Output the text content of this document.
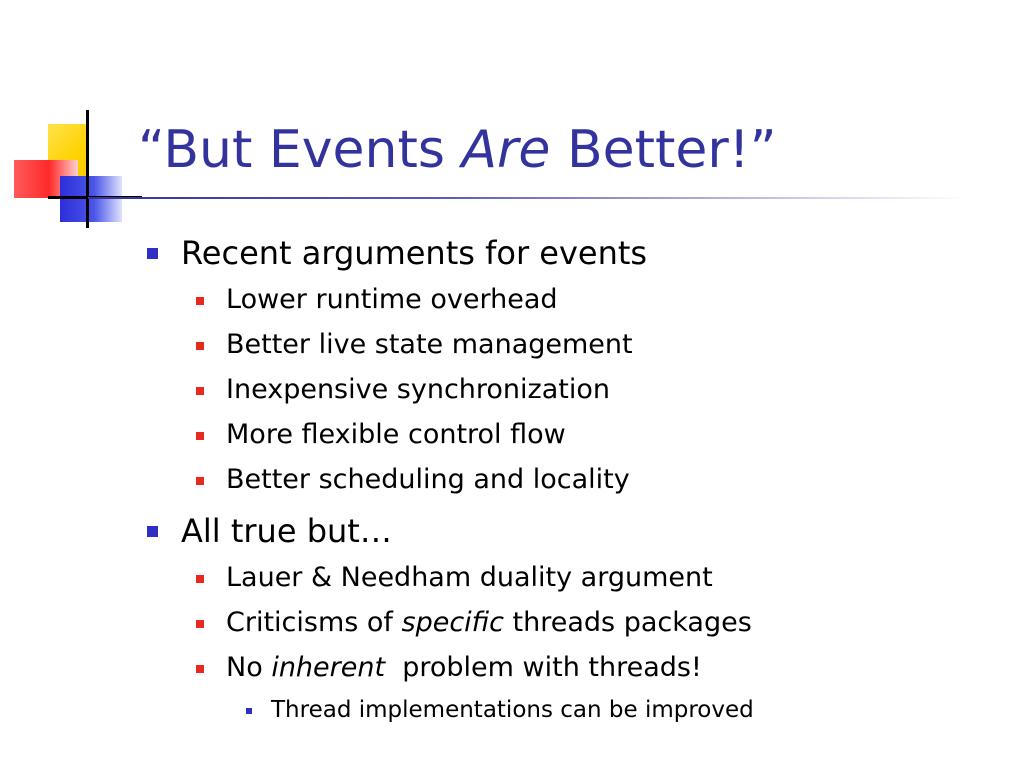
“But Events Are Better!”
Recent arguments for events
Lower runtime overhead
Better live state management
Inexpensive synchronization
More flexible control flow
Better scheduling and locality
All true but…
Lauer & Needham duality argument
Criticisms of specific threads packages
No inherent  problem with threads!
Thread implementations can be improved
